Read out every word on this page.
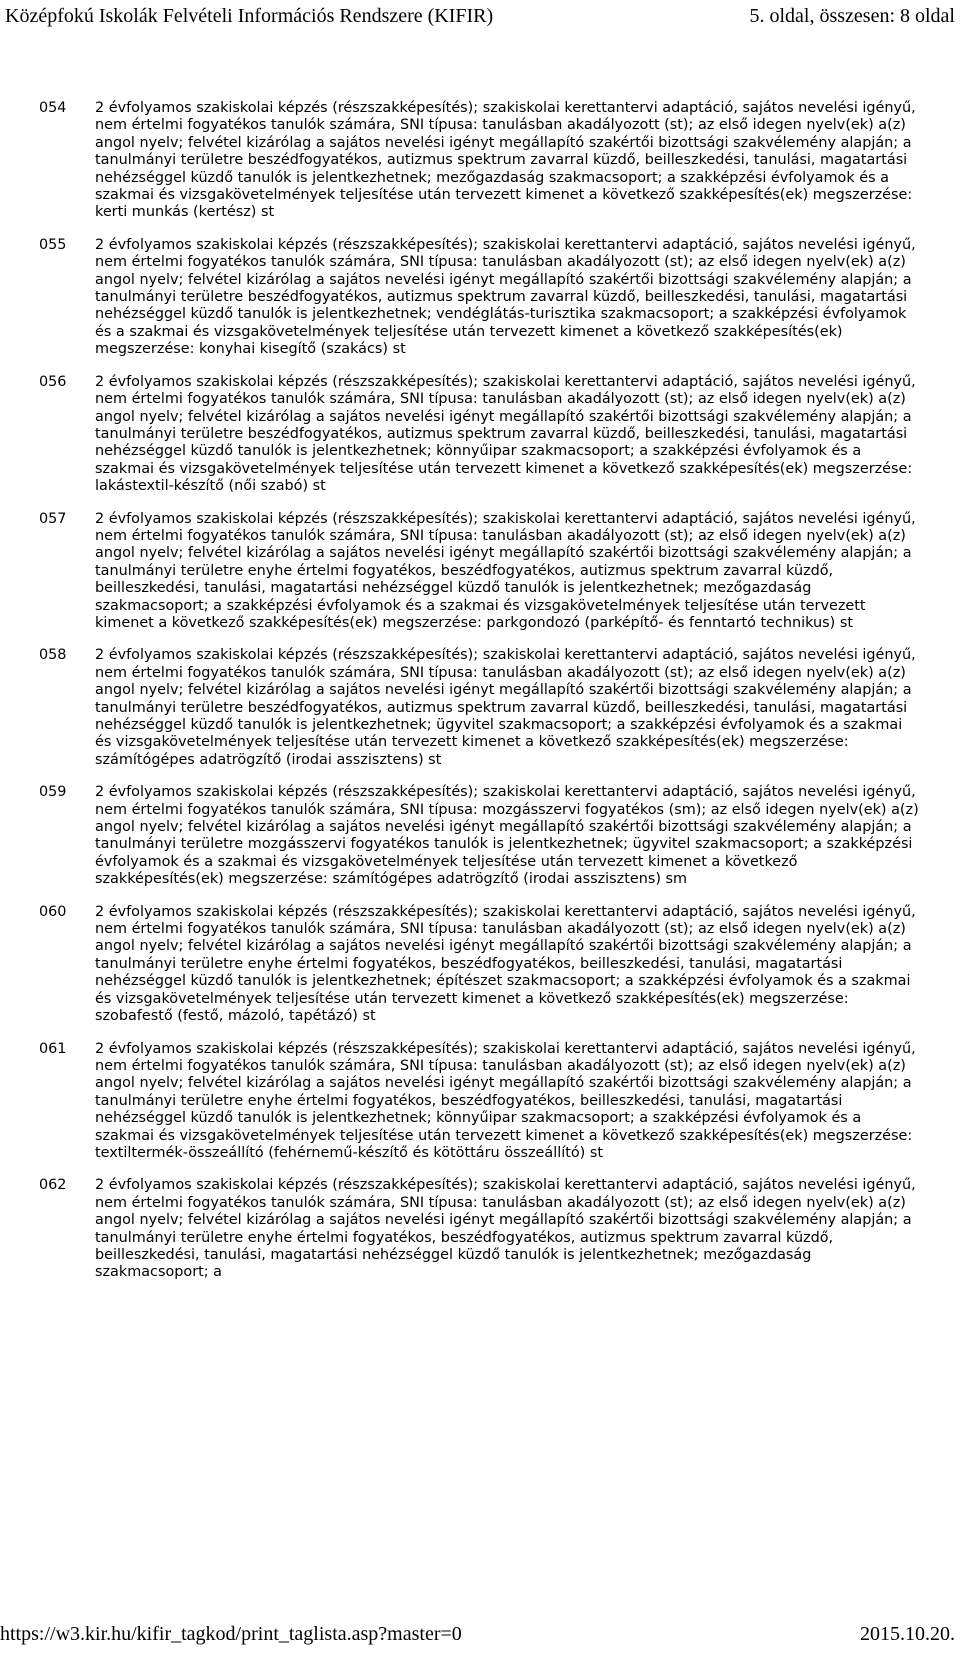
Középfokú Iskolák Felvételi Információs Rendszere (KIFIR)	5. oldal, összesen: 8 oldal
054	2 évfolyamos szakiskolai képzés (részszakképesítés); szakiskolai kerettantervi adaptáció, sajátos nevelési igényű, nem értelmi fogyatékos tanulók számára, SNI típusa: tanulásban akadályozott (st); az első idegen nyelv(ek) a(z) angol nyelv; felvétel kizárólag a sajátos nevelési igényt megállapító szakértői bizottsági szakvélemény alapján; a tanulmányi területre beszédfogyatékos, autizmus spektrum zavarral küzdő, beilleszkedési, tanulási, magatartási nehézséggel küzdő tanulók is jelentkezhetnek; mezőgazdaság szakmacsoport; a szakképzési évfolyamok és a szakmai és vizsgakövetelmények teljesítése után tervezett kimenet a következő szakképesítés(ek) megszerzése: kerti munkás (kertész) st
055	2 évfolyamos szakiskolai képzés (részszakképesítés); szakiskolai kerettantervi adaptáció, sajátos nevelési igényű, nem értelmi fogyatékos tanulók számára, SNI típusa: tanulásban akadályozott (st); az első idegen nyelv(ek) a(z) angol nyelv; felvétel kizárólag a sajátos nevelési igényt megállapító szakértői bizottsági szakvélemény alapján; a tanulmányi területre beszédfogyatékos, autizmus spektrum zavarral küzdő, beilleszkedési, tanulási, magatartási nehézséggel küzdő tanulók is jelentkezhetnek; vendéglátás-turisztika szakmacsoport; a szakképzési évfolyamok és a szakmai és vizsgakövetelmények teljesítése után tervezett kimenet a következő szakképesítés(ek) megszerzése: konyhai kisegítő (szakács) st
056	2 évfolyamos szakiskolai képzés (részszakképesítés); szakiskolai kerettantervi adaptáció, sajátos nevelési igényű, nem értelmi fogyatékos tanulók számára, SNI típusa: tanulásban akadályozott (st); az első idegen nyelv(ek) a(z) angol nyelv; felvétel kizárólag a sajátos nevelési igényt megállapító szakértői bizottsági szakvélemény alapján; a tanulmányi területre beszédfogyatékos, autizmus spektrum zavarral küzdő, beilleszkedési, tanulási, magatartási nehézséggel küzdő tanulók is jelentkezhetnek; könnyűipar szakmacsoport; a szakképzési évfolyamok és a szakmai és vizsgakövetelmények teljesítése után tervezett kimenet a következő szakképesítés(ek) megszerzése: lakástextil-készítő (női szabó) st
057	2 évfolyamos szakiskolai képzés (részszakképesítés); szakiskolai kerettantervi adaptáció, sajátos nevelési igényű, nem értelmi fogyatékos tanulók számára, SNI típusa: tanulásban akadályozott (st); az első idegen nyelv(ek) a(z) angol nyelv; felvétel kizárólag a sajátos nevelési igényt megállapító szakértői bizottsági szakvélemény alapján; a tanulmányi területre enyhe értelmi fogyatékos, beszédfogyatékos, autizmus spektrum zavarral küzdő, beilleszkedési, tanulási, magatartási nehézséggel küzdő tanulók is jelentkezhetnek; mezőgazdaság szakmacsoport; a szakképzési évfolyamok és a szakmai és vizsgakövetelmények teljesítése után tervezett kimenet a következő szakképesítés(ek) megszerzése: parkgondozó (parképítő- és fenntartó technikus) st
058	2 évfolyamos szakiskolai képzés (részszakképesítés); szakiskolai kerettantervi adaptáció, sajátos nevelési igényű, nem értelmi fogyatékos tanulók számára, SNI típusa: tanulásban akadályozott (st); az első idegen nyelv(ek) a(z) angol nyelv; felvétel kizárólag a sajátos nevelési igényt megállapító szakértői bizottsági szakvélemény alapján; a tanulmányi területre beszédfogyatékos, autizmus spektrum zavarral küzdő, beilleszkedési, tanulási, magatartási nehézséggel küzdő tanulók is jelentkezhetnek; ügyvitel szakmacsoport; a szakképzési évfolyamok és a szakmai és vizsgakövetelmények teljesítése után tervezett kimenet a következő szakképesítés(ek) megszerzése: számítógépes adatrögzítő (irodai asszisztens) st
059	2 évfolyamos szakiskolai képzés (részszakképesítés); szakiskolai kerettantervi adaptáció, sajátos nevelési igényű, nem értelmi fogyatékos tanulók számára, SNI típusa: mozgásszervi fogyatékos (sm); az első idegen nyelv(ek) a(z) angol nyelv; felvétel kizárólag a sajátos nevelési igényt megállapító szakértői bizottsági szakvélemény alapján; a tanulmányi területre mozgásszervi fogyatékos tanulók is jelentkezhetnek; ügyvitel szakmacsoport; a szakképzési évfolyamok és a szakmai és vizsgakövetelmények teljesítése után tervezett kimenet a következő szakképesítés(ek) megszerzése: számítógépes adatrögzítő (irodai asszisztens) sm
060	2 évfolyamos szakiskolai képzés (részszakképesítés); szakiskolai kerettantervi adaptáció, sajátos nevelési igényű, nem értelmi fogyatékos tanulók számára, SNI típusa: tanulásban akadályozott (st); az első idegen nyelv(ek) a(z) angol nyelv; felvétel kizárólag a sajátos nevelési igényt megállapító szakértői bizottsági szakvélemény alapján; a tanulmányi területre enyhe értelmi fogyatékos, beszédfogyatékos, beilleszkedési, tanulási, magatartási nehézséggel küzdő tanulók is jelentkezhetnek; építészet szakmacsoport; a szakképzési évfolyamok és a szakmai és vizsgakövetelmények teljesítése után tervezett kimenet a következő szakképesítés(ek) megszerzése: szobafestő (festő, mázoló, tapétázó) st
061	2 évfolyamos szakiskolai képzés (részszakképesítés); szakiskolai kerettantervi adaptáció, sajátos nevelési igényű, nem értelmi fogyatékos tanulók számára, SNI típusa: tanulásban akadályozott (st); az első idegen nyelv(ek) a(z) angol nyelv; felvétel kizárólag a sajátos nevelési igényt megállapító szakértői bizottsági szakvélemény alapján; a tanulmányi területre enyhe értelmi fogyatékos, beszédfogyatékos, beilleszkedési, tanulási, magatartási nehézséggel küzdő tanulók is jelentkezhetnek; könnyűipar szakmacsoport; a szakképzési évfolyamok és a szakmai és vizsgakövetelmények teljesítése után tervezett kimenet a következő szakképesítés(ek) megszerzése: textiltermék-összeállító (fehérnemű-készítő és kötöttáru összeállító) st
062	2 évfolyamos szakiskolai képzés (részszakképesítés); szakiskolai kerettantervi adaptáció, sajátos nevelési igényű, nem értelmi fogyatékos tanulók számára, SNI típusa: tanulásban akadályozott (st); az első idegen nyelv(ek) a(z) angol nyelv; felvétel kizárólag a sajátos nevelési igényt megállapító szakértői bizottsági szakvélemény alapján; a tanulmányi területre enyhe értelmi fogyatékos, beszédfogyatékos, autizmus spektrum zavarral küzdő, beilleszkedési, tanulási, magatartási nehézséggel küzdő tanulók is jelentkezhetnek; mezőgazdaság szakmacsoport; a
https://w3.kir.hu/kifir_tagkod/print_taglista.asp?master=0	2015.10.20.
